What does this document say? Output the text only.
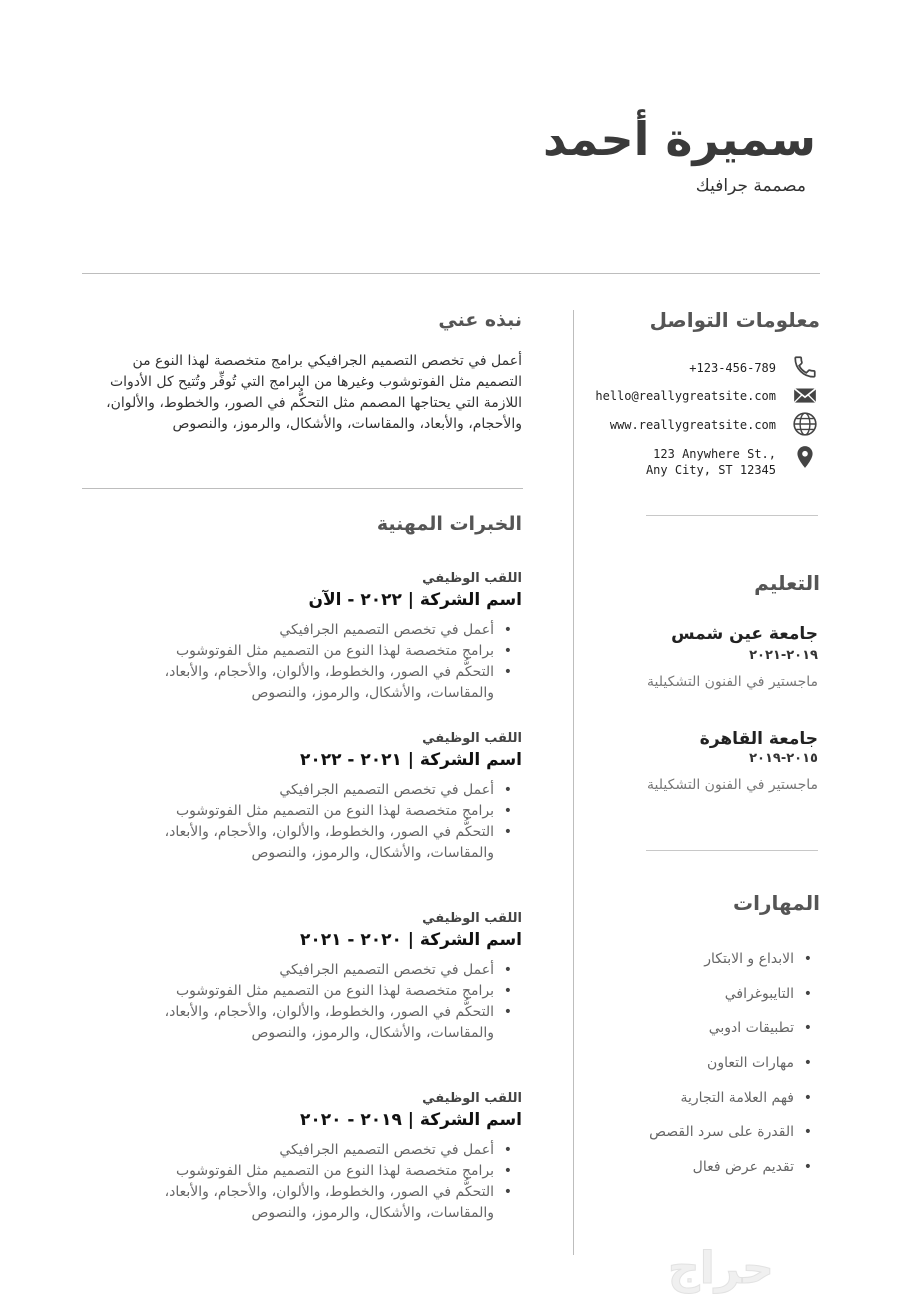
سميرة أحمد
مصممة جرافيك
معلومات التواصل
+123-456-789
hello@reallygreatsite.com
www.reallygreatsite.com
123 Anywhere St.,
Any City, ST 12345
التعليم
جامعة عين شمس
٢٠١٩-٢٠٢١
ماجستير في الفنون التشكيلية
جامعة القاهرة
٢٠١٥-٢٠١٩
ماجستير في الفنون التشكيلية
المهارات
• الابداع و الابتكار
• التايبوغرافي
• تطبيقات ادوبي
• مهارات التعاون
• فهم العلامة التجارية
• القدرة على سرد القصص
• تقديم عرض فعال
نبذه عني
أعمل في تخصص التصميم الجرافيكي برامج متخصصة لهذا النوع من التصميم مثل الفوتوشوب وغيرها من البرامج التي تُوفِّر وتُتيح كل الأدوات اللازمة التي يحتاجها المصمم مثل التحكُّم في الصور، والخطوط، والألوان، والأحجام، والأبعاد، والمقاسات، والأشكال، والرموز، والنصوص
الخبرات المهنية
اللقب الوظيفي
اسم الشركة | ٢٠٢٢ - الآن
• أعمل في تخصص التصميم الجرافيكي
• برامج متخصصة لهذا النوع من التصميم مثل الفوتوشوب
• التحكُّم في الصور، والخطوط، والألوان، والأحجام، والأبعاد، والمقاسات، والأشكال، والرموز، والنصوص
اللقب الوظيفي
اسم الشركة | ٢٠٢١ - ٢٠٢٢
• أعمل في تخصص التصميم الجرافيكي
• برامج متخصصة لهذا النوع من التصميم مثل الفوتوشوب
• التحكُّم في الصور، والخطوط، والألوان، والأحجام، والأبعاد، والمقاسات، والأشكال، والرموز، والنصوص
اللقب الوظيفي
اسم الشركة | ٢٠٢٠ - ٢٠٢١
• أعمل في تخصص التصميم الجرافيكي
• برامج متخصصة لهذا النوع من التصميم مثل الفوتوشوب
• التحكُّم في الصور، والخطوط، والألوان، والأحجام، والأبعاد، والمقاسات، والأشكال، والرموز، والنصوص
اللقب الوظيفي
اسم الشركة | ٢٠١٩ - ٢٠٢٠
• أعمل في تخصص التصميم الجرافيكي
• برامج متخصصة لهذا النوع من التصميم مثل الفوتوشوب
• التحكُّم في الصور، والخطوط، والألوان، والأحجام، والأبعاد، والمقاسات، والأشكال، والرموز، والنصوص
حراج
